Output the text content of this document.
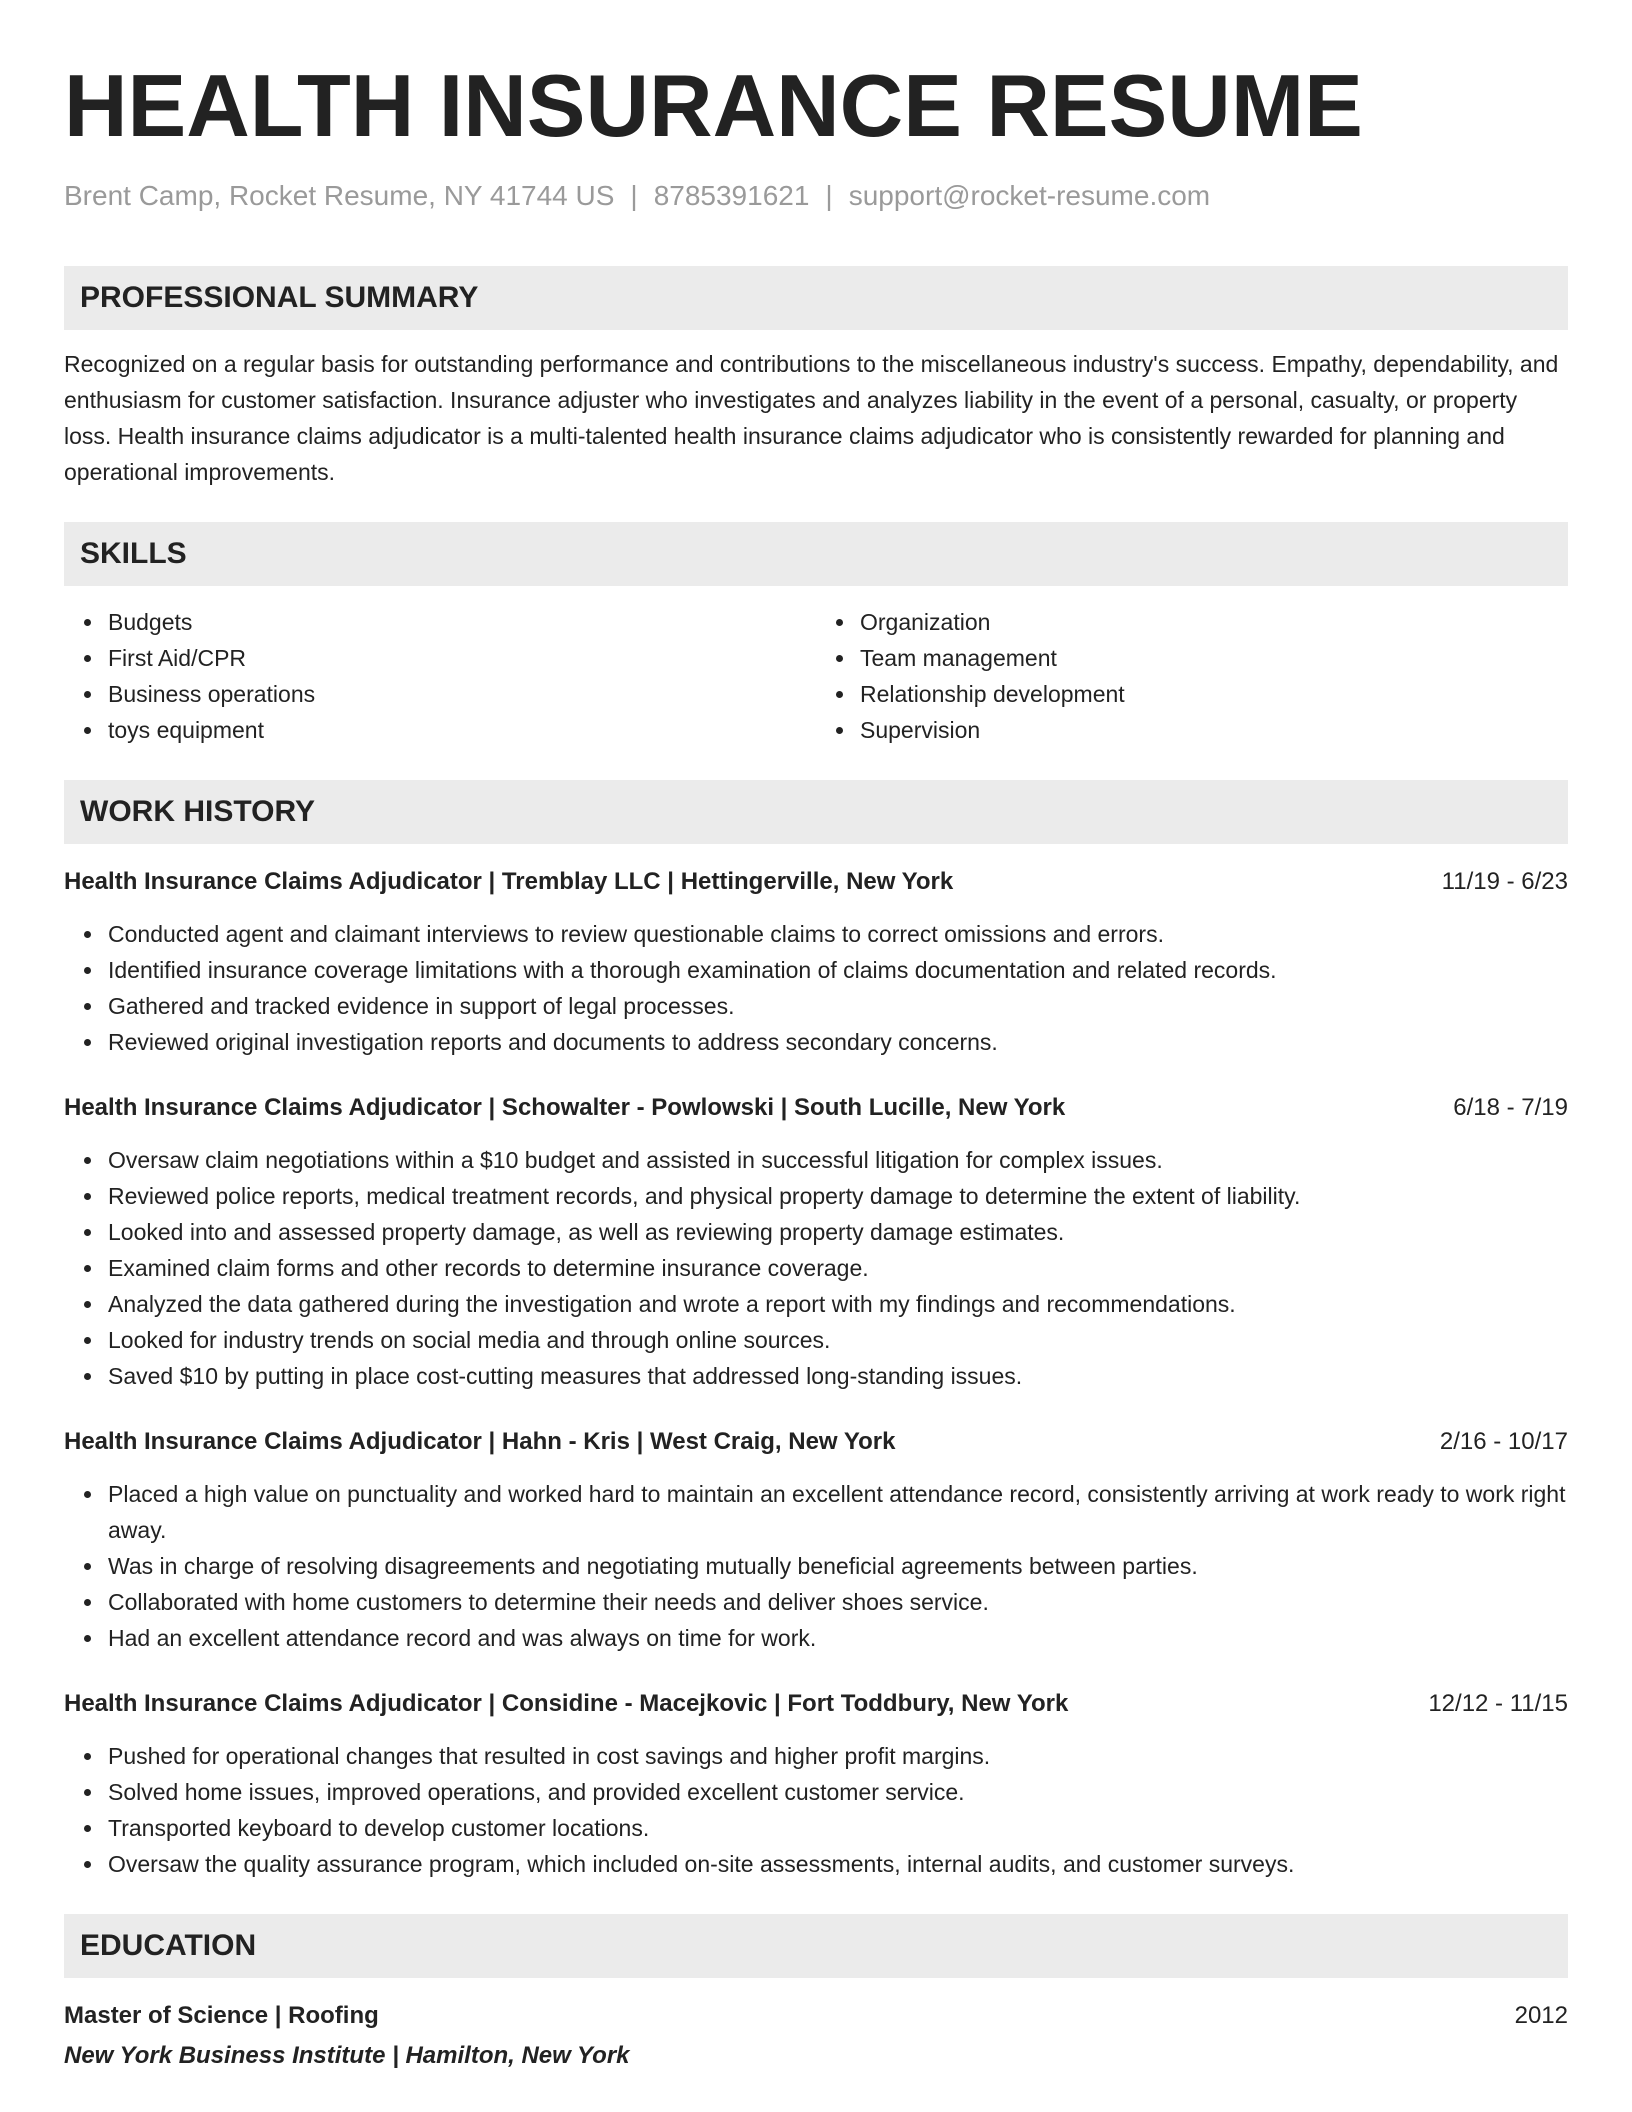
HEALTH INSURANCE RESUME
Brent Camp, Rocket Resume, NY 41744 US | 8785391621 | support@rocket-resume.com
PROFESSIONAL SUMMARY

Recognized on a regular basis for outstanding performance and contributions to the miscellaneous industry's success. Empathy, dependability, and enthusiasm for customer satisfaction. Insurance adjuster who investigates and analyzes liability in the event of a personal, casualty, or property loss. Health insurance claims adjudicator is a multi-talented health insurance claims adjudicator who is consistently rewarded for planning and operational improvements.

SKILLS
Budgets
First Aid/CPR
Business operations
toys equipment
Organization
Team management
Relationship development
Supervision
WORK HISTORY
Health Insurance Claims Adjudicator | Tremblay LLC | Hettingerville, New York	11/19 - 6/23
Conducted agent and claimant interviews to review questionable claims to correct omissions and errors.
Identified insurance coverage limitations with a thorough examination of claims documentation and related records.
Gathered and tracked evidence in support of legal processes.
Reviewed original investigation reports and documents to address secondary concerns.
Health Insurance Claims Adjudicator | Schowalter - Powlowski | South Lucille, New York	6/18 - 7/19
Oversaw claim negotiations within a $10 budget and assisted in successful litigation for complex issues.
Reviewed police reports, medical treatment records, and physical property damage to determine the extent of liability.
Looked into and assessed property damage, as well as reviewing property damage estimates.
Examined claim forms and other records to determine insurance coverage.
Analyzed the data gathered during the investigation and wrote a report with my findings and recommendations.
Looked for industry trends on social media and through online sources.
Saved $10 by putting in place cost-cutting measures that addressed long-standing issues.
Health Insurance Claims Adjudicator | Hahn - Kris | West Craig, New York	2/16 - 10/17
Placed a high value on punctuality and worked hard to maintain an excellent attendance record, consistently arriving at work ready to work right away.
Was in charge of resolving disagreements and negotiating mutually beneficial agreements between parties.
Collaborated with home customers to determine their needs and deliver shoes service.
Had an excellent attendance record and was always on time for work.
Health Insurance Claims Adjudicator | Considine - Macejkovic | Fort Toddbury, New York	12/12 - 11/15
Pushed for operational changes that resulted in cost savings and higher profit margins.
Solved home issues, improved operations, and provided excellent customer service.
Transported keyboard to develop customer locations.
Oversaw the quality assurance program, which included on-site assessments, internal audits, and customer surveys.
EDUCATION
Master of Science | Roofing	2012
New York Business Institute | Hamilton, New York
